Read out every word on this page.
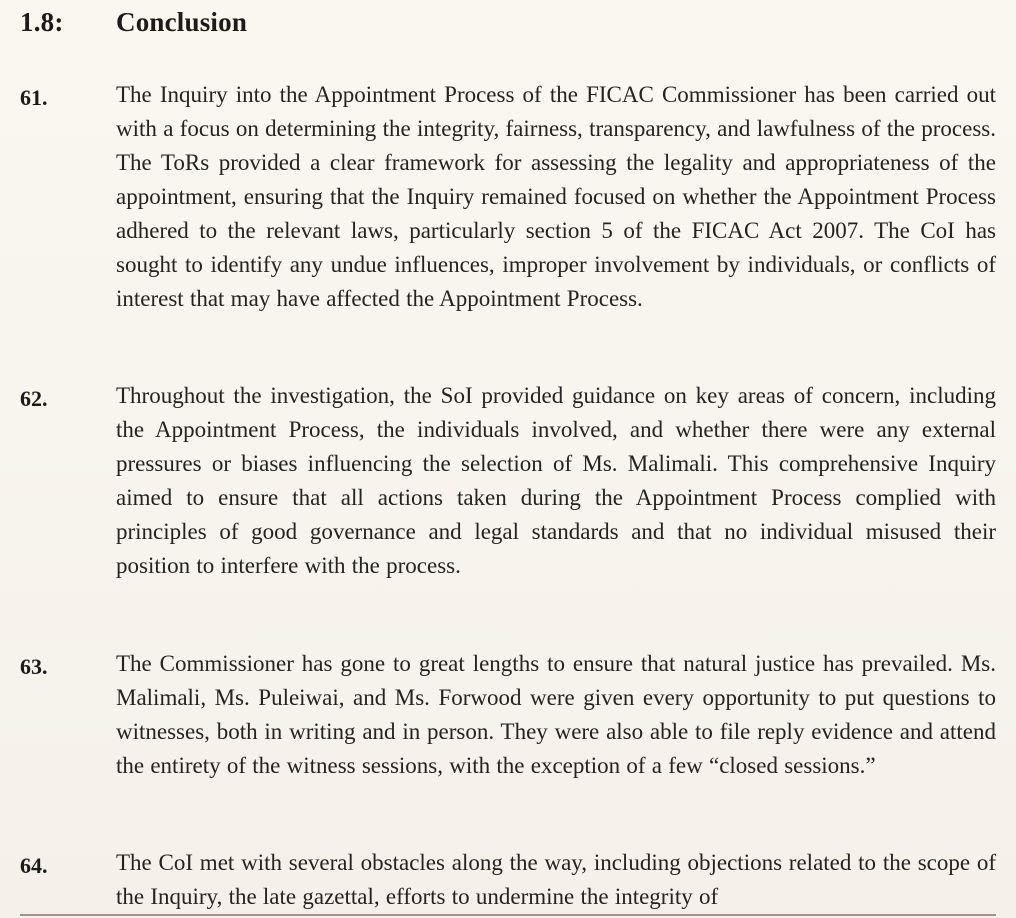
1.8:	Conclusion
61.	The Inquiry into the Appointment Process of the FICAC Commissioner has been carried out with a focus on determining the integrity, fairness, transparency, and lawfulness of the process. The ToRs provided a clear framework for assessing the legality and appropriateness of the appointment, ensuring that the Inquiry remained focused on whether the Appointment Process adhered to the relevant laws, particularly section 5 of the FICAC Act 2007. The CoI has sought to identify any undue influences, improper involvement by individuals, or conflicts of interest that may have affected the Appointment Process.
62.	Throughout the investigation, the SoI provided guidance on key areas of concern, including the Appointment Process, the individuals involved, and whether there were any external pressures or biases influencing the selection of Ms. Malimali. This comprehensive Inquiry aimed to ensure that all actions taken during the Appointment Process complied with principles of good governance and legal standards and that no individual misused their position to interfere with the process.
63.	The Commissioner has gone to great lengths to ensure that natural justice has prevailed. Ms. Malimali, Ms. Puleiwai, and Ms. Forwood were given every opportunity to put questions to witnesses, both in writing and in person. They were also able to file reply evidence and attend the entirety of the witness sessions, with the exception of a few “closed sessions.”
64.	The CoI met with several obstacles along the way, including objections related to the scope of the Inquiry, the late gazettal, efforts to undermine the integrity of
